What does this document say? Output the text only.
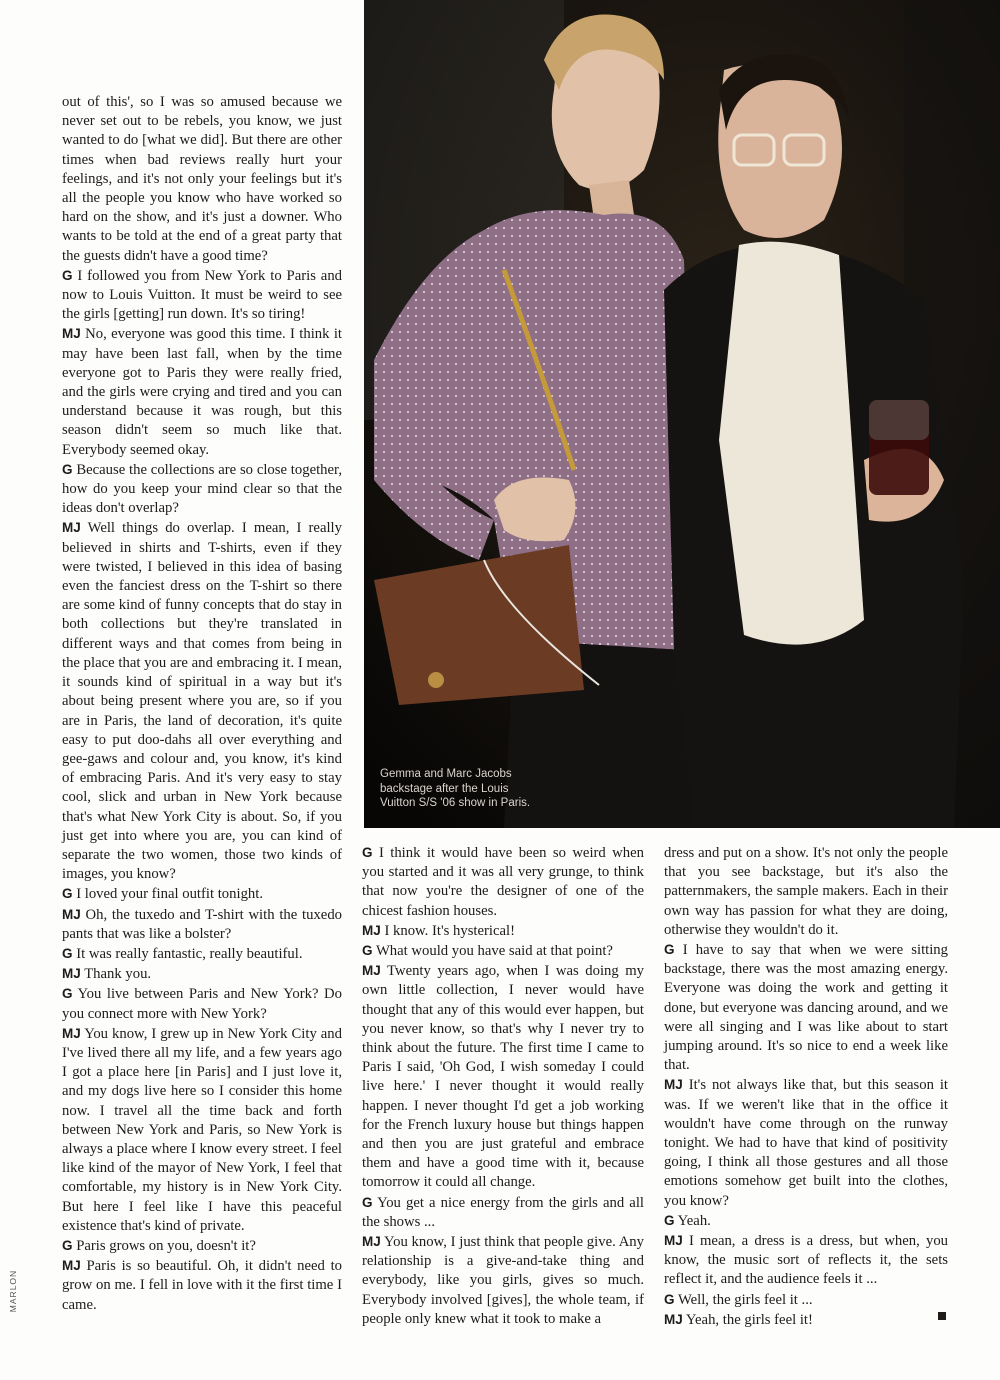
Gemma and Marc Jacobs
backstage after the Louis
Vuitton S/S '06 show in Paris.

out of this', so I was so amused because we never set out to be rebels, you know, we just wanted to do [what we did]. But there are other times when bad reviews really hurt your feelings, and it's not only your feelings but it's all the people you know who have worked so hard on the show, and it's just a downer. Who wants to be told at the end of a great party that the guests didn't have a good time?

G I followed you from New York to Paris and now to Louis Vuitton. It must be weird to see the girls [getting] run down. It's so tiring!

MJ No, everyone was good this time. I think it may have been last fall, when by the time everyone got to Paris they were really fried, and the girls were crying and tired and you can understand because it was rough, but this season didn't seem so much like that. Everybody seemed okay.

G Because the collections are so close together, how do you keep your mind clear so that the ideas don't overlap?

MJ Well things do overlap. I mean, I really believed in shirts and T-shirts, even if they were twisted, I believed in this idea of basing even the fanciest dress on the T-shirt so there are some kind of funny concepts that do stay in both collections but they're translated in different ways and that comes from being in the place that you are and embracing it. I mean, it sounds kind of spiritual in a way but it's about being present where you are, so if you are in Paris, the land of decoration, it's quite easy to put doo-dahs all over everything and gee-gaws and colour and, you know, it's kind of embracing Paris. And it's very easy to stay cool, slick and urban in New York because that's what New York City is about. So, if you just get into where you are, you can kind of separate the two women, those two kinds of images, you know?

G I loved your final outfit tonight.

MJ Oh, the tuxedo and T-shirt with the tuxedo pants that was like a bolster?

G It was really fantastic, really beautiful.

MJ Thank you.

G You live between Paris and New York? Do you connect more with New York?

MJ You know, I grew up in New York City and I've lived there all my life, and a few years ago I got a place here [in Paris] and I just love it, and my dogs live here so I consider this home now. I travel all the time back and forth between New York and Paris, so New York is always a place where I know every street. I feel like kind of the mayor of New York, I feel that comfortable, my history is in New York City. But here I feel like I have this peaceful existence that's kind of private.

G Paris grows on you, doesn't it?

MJ Paris is so beautiful. Oh, it didn't need to grow on me. I fell in love with it the first time I came.

G I think it would have been so weird when you started and it was all very grunge, to think that now you're the designer of one of the chicest fashion houses.

MJ I know. It's hysterical!

G What would you have said at that point?

MJ Twenty years ago, when I was doing my own little collection, I never would have thought that any of this would ever happen, but you never know, so that's why I never try to think about the future. The first time I came to Paris I said, 'Oh God, I wish someday I could live here.' I never thought it would really happen. I never thought I'd get a job working for the French luxury house but things happen and then you are just grateful and embrace them and have a good time with it, because tomorrow it could all change.

G You get a nice energy from the girls and all the shows ...

MJ You know, I just think that people give. Any relationship is a give-and-take thing and everybody, like you girls, gives so much. Everybody involved [gives], the whole team, if people only knew what it took to make a

dress and put on a show. It's not only the people that you see backstage, but it's also the patternmakers, the sample makers. Each in their own way has passion for what they are doing, otherwise they wouldn't do it.

G I have to say that when we were sitting backstage, there was the most amazing energy. Everyone was doing the work and getting it done, but everyone was dancing around, and we were all singing and I was like about to start jumping around. It's so nice to end a week like that.

MJ It's not always like that, but this season it was. If we weren't like that in the office it wouldn't have come through on the runway tonight. We had to have that kind of positivity going, I think all those gestures and all those emotions somehow get built into the clothes, you know?

G Yeah.

MJ I mean, a dress is a dress, but when, you know, the music sort of reflects it, the sets reflect it, and the audience feels it ...

G Well, the girls feel it ...

MJ Yeah, the girls feel it!

MARLON
